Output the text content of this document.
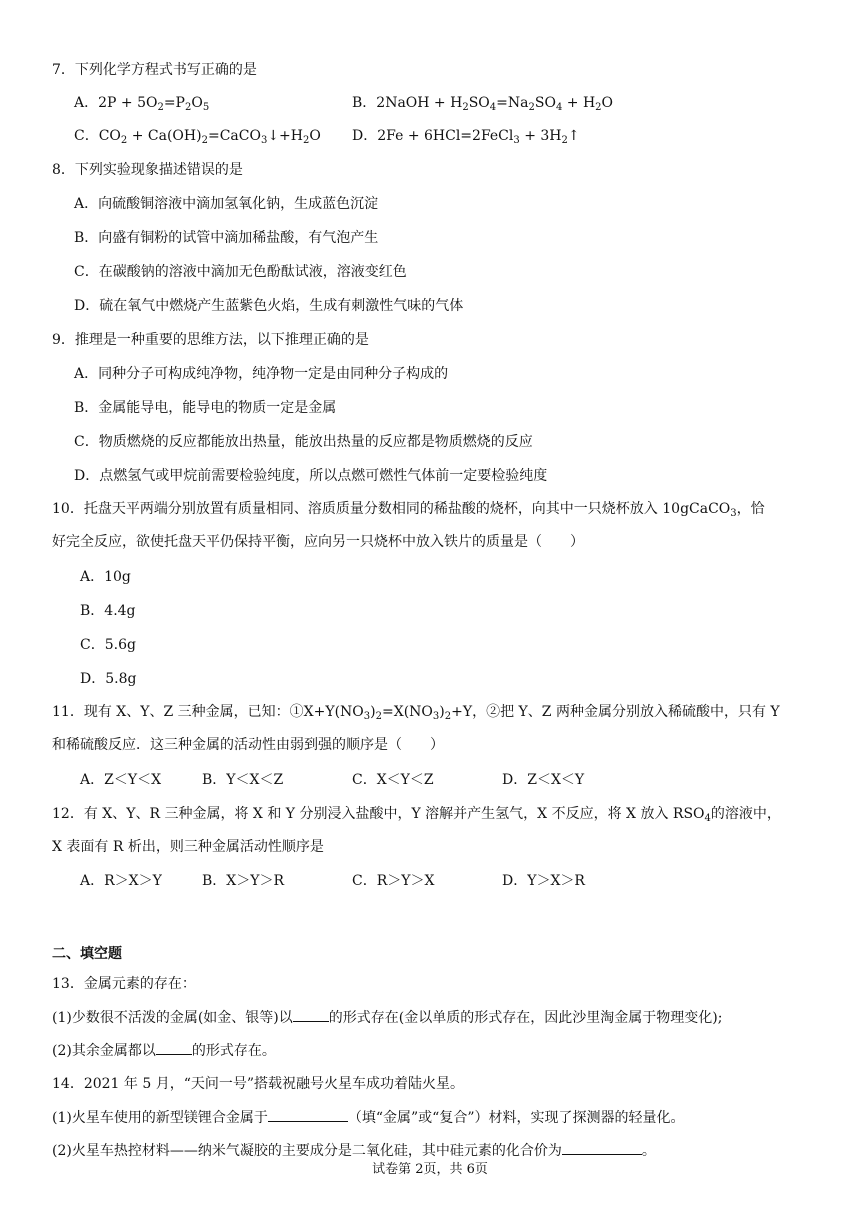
7．下列化学方程式书写正确的是
A．$2P + 5O_2=P_2O_5$	B．2NaOH + $H_2SO_4=Na_2SO_4 + H_2O$
C．$CO_2$ + $Ca(OH)_2=CaCO_3↓+H_2O$ D．2Fe + 6HCl=2FeCl$_3$ + $3H_2↑$
8．下列实验现象描述错误的是
A．向硫酸铜溶液中滴加氢氧化钠，生成蓝色沉淀
B．向盛有铜粉的试管中滴加稀盐酸，有气泡产生
C．在碳酸钠的溶液中滴加无色酚酞试液，溶液变红色
D．硫在氧气中燃烧产生蓝紫色火焰，生成有刺激性气味的气体
9．推理是一种重要的思维方法，以下推理正确的是
A．同种分子可构成纯净物，纯净物一定是由同种分子构成的
B．金属能导电，能导电的物质一定是金属
C．物质燃烧的反应都能放出热量，能放出热量的反应都是物质燃烧的反应
D．点燃氢气或甲烷前需要检验纯度，所以点燃可燃性气体前一定要检验纯度
10．托盘天平两端分别放置有质量相同、溶质质量分数相同的稀盐酸的烧杯，向其中一只烧杯放入 10gCaCO$_3$，恰
好完全反应，欲使托盘天平仍保持平衡，应向另一只烧杯中放入铁片的质量是（　　）
A．10g
B．4.4g
C．5.6g
D．5.8g
11．现有 X、Y、Z 三种金属，已知：$①X+Y(NO_3)_2=X(NO_3)_2+Y$，②把 Y、Z 两种金属分别放入稀硫酸中，只有 Y
和稀硫酸反应．这三种金属的活动性由弱到强的顺序是（　　）
A．Z＜Y＜X	B．Y＜X＜Z	C．X＜Y＜Z	D．Z＜X＜Y
12．有 X、Y、R 三种金属，将 X 和 Y 分别浸入盐酸中，Y 溶解并产生氢气，X 不反应，将 X 放入 $RSO_4$的溶液中，
X 表面有 R 析出，则三种金属活动性顺序是
A．R＞X＞Y	B．X＞Y＞R	C．R＞Y＞X	D．Y＞X＞R
二、填空题
13．金属元素的存在：
(1)少数很不活泼的金属(如金、银等)以	的形式存在(金以单质的形式存在，因此沙里淘金属于物理变化);
(2)其余金属都以	的形式存在。
14．2021 年 5 月，“天问一号”搭载祝融号火星车成功着陆火星。
(1)火星车使用的新型镁锂合金属于	（填“金属”或“复合”）材料，实现了探测器的轻量化。
(2)火星车热控材料——纳米气凝胶的主要成分是二氧化硅，其中硅元素的化合价为	。
试卷第 2页，共 6页
